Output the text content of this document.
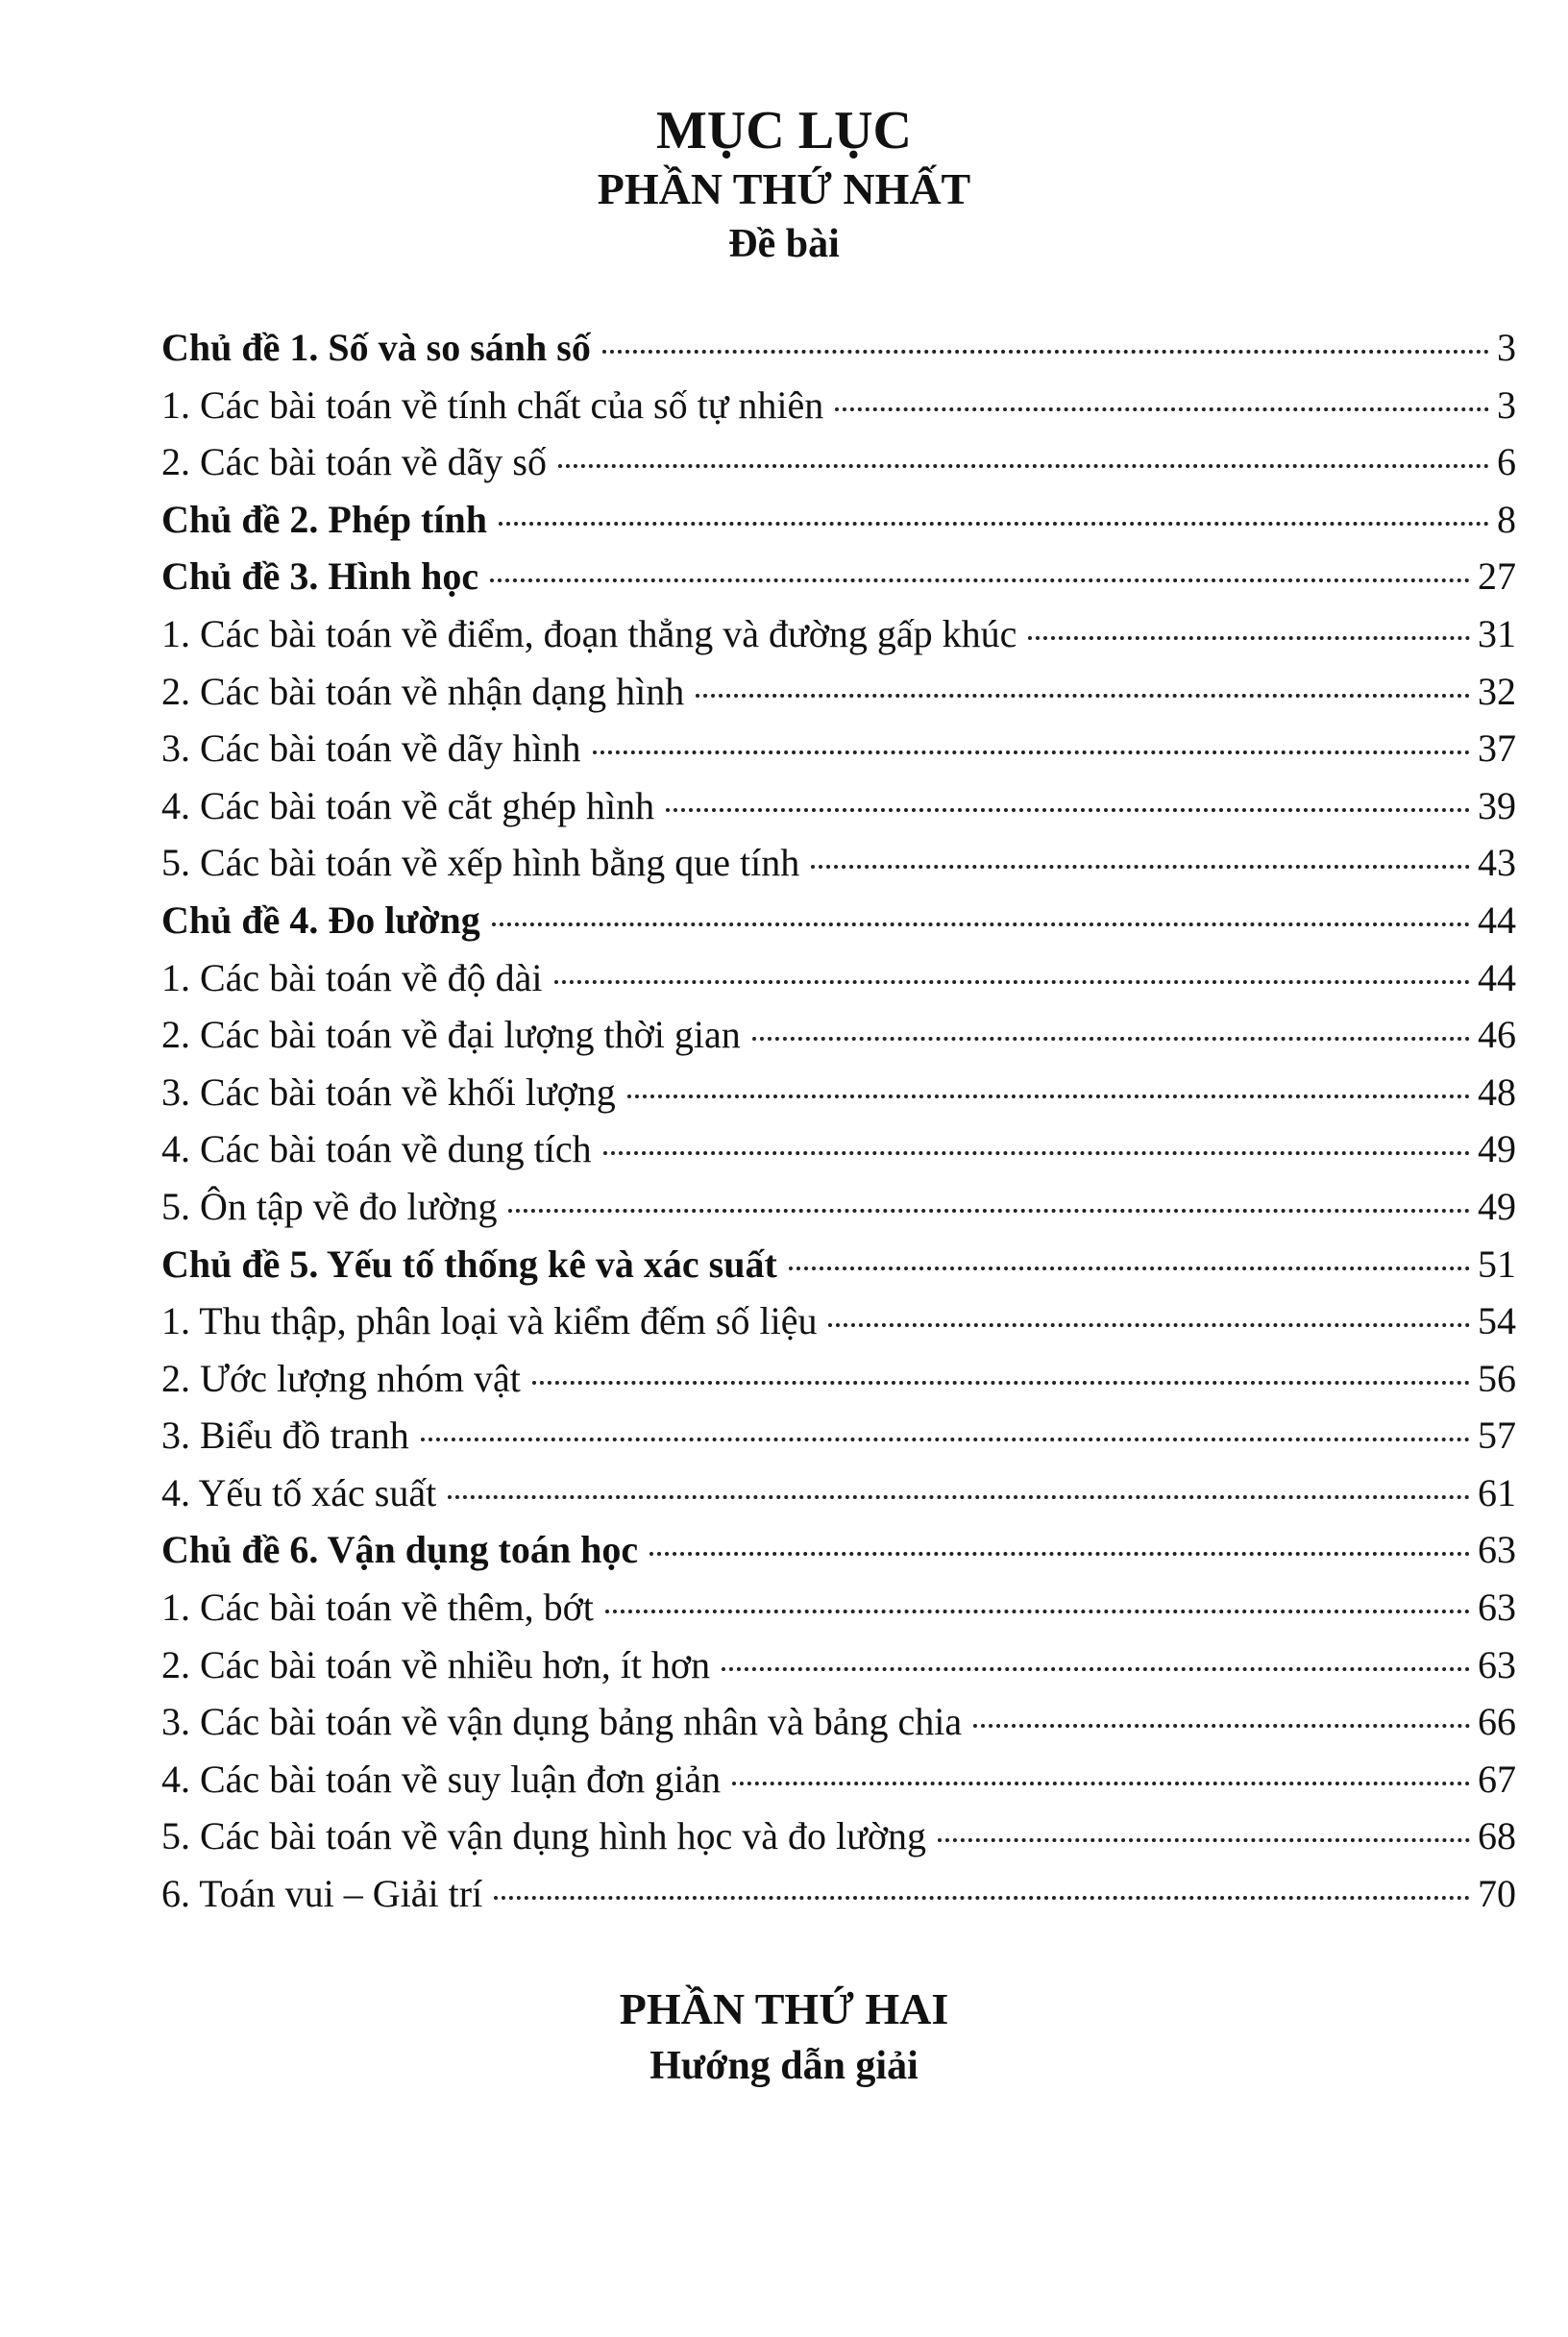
MỤC LỤC
PHẦN THỨ NHẤT
Đề bài
Chủ đề 1. Số và so sánh số	3
1. Các bài toán về tính chất của số tự nhiên	3
2. Các bài toán về dãy số	6
Chủ đề 2. Phép tính	8
Chủ đề 3. Hình học	27
1. Các bài toán về điểm, đoạn thẳng và đường gấp khúc	31
2. Các bài toán về nhận dạng hình	32
3. Các bài toán về dãy hình	37
4. Các bài toán về cắt ghép hình	39
5. Các bài toán về xếp hình bằng que tính	43
Chủ đề 4. Đo lường	44
1. Các bài toán về độ dài	44
2. Các bài toán về đại lượng thời gian	46
3. Các bài toán về khối lượng	48
4. Các bài toán về dung tích	49
5. Ôn tập về đo lường	49
Chủ đề 5. Yếu tố thống kê và xác suất	51
1. Thu thập, phân loại và kiểm đếm số liệu	54
2. Ước lượng nhóm vật	56
3. Biểu đồ tranh	57
4. Yếu tố xác suất	61
Chủ đề 6. Vận dụng toán học	63
1. Các bài toán về thêm, bớt	63
2. Các bài toán về nhiều hơn, ít hơn	63
3. Các bài toán về vận dụng bảng nhân và bảng chia	66
4. Các bài toán về suy luận đơn giản	67
5. Các bài toán về vận dụng hình học và đo lường	68
6. Toán vui – Giải trí	70
PHẦN THỨ HAI
Hướng dẫn giải
